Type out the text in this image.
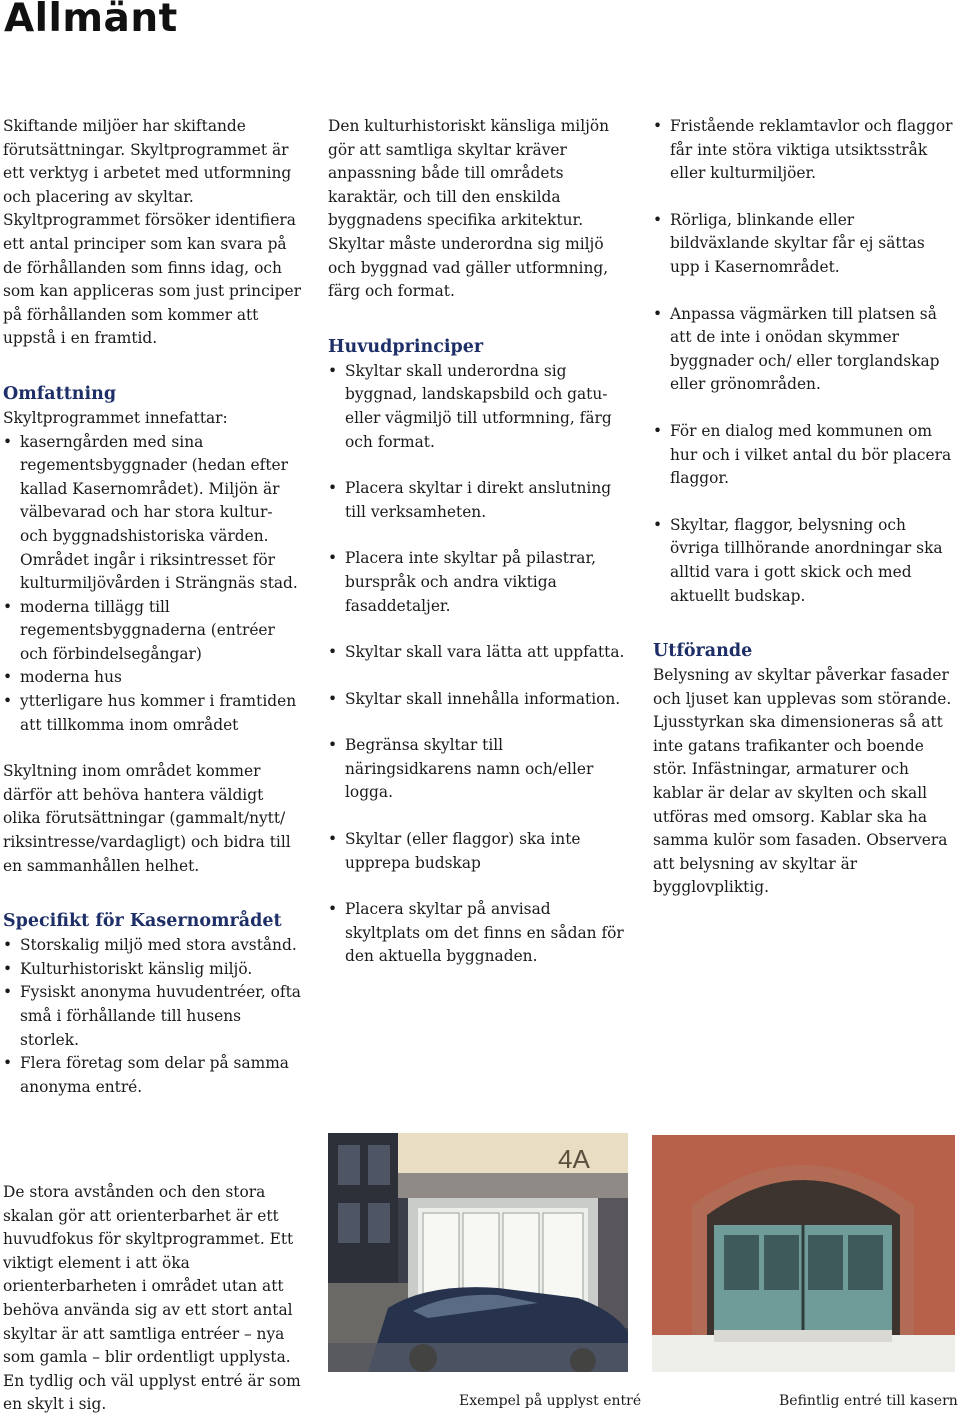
Allmänt

Skiftande miljöer har skiftande förutsättningar. Skyltprogrammet är ett verktyg i arbetet med utformning och placering av skyltar. Skyltprogrammet försöker identifiera ett antal principer som kan svara på de förhållanden som finns idag, och som kan appliceras som just principer på förhållanden som kommer att uppstå i en framtid.

Omfattning

Skyltprogrammet innefattar:

• kaserngården med sina regementsbyggnader (hedan efter kallad Kasernområdet). Miljön är välbevarad och har stora kultur- och byggnadshistoriska värden. Området ingår i riksintresset för kulturmiljövården i Strängnäs stad.
• moderna tillägg till regementsbyggnaderna (entréer och förbindelsegångar)
• moderna hus
• ytterligare hus kommer i framtiden att tillkomma inom området

Skyltning inom området kommer därför att behöva hantera väldigt olika förutsättningar (gammalt/nytt/ riksintresse/vardagligt) och bidra till en sammanhållen helhet.

Specifikt för Kasernområdet
• Storskalig miljö med stora avstånd.
• Kulturhistoriskt känslig miljö.
• Fysiskt anonyma huvudentréer, ofta små i förhållande till husens storlek.
• Flera företag som delar på samma anonyma entré.

De stora avstånden och den stora skalan gör att orienterbarhet är ett huvudfokus för skyltprogrammet. Ett viktigt element i att öka orienterbarheten i området utan att behöva använda sig av ett stort antal skyltar är att samtliga entréer – nya som gamla – blir ordentligt upplysta. En tydlig och väl upplyst entré är som en skylt i sig.

Den kulturhistoriskt känsliga miljön gör att samtliga skyltar kräver anpassning både till områdets karaktär, och till den enskilda byggnadens specifika arkitektur. Skyltar måste underordna sig miljö och byggnad vad gäller utformning, färg och format.

Huvudprinciper
• Skyltar skall underordna sig byggnad, landskapsbild och gatu- eller vägmiljö till utformning, färg och format.
• Placera skyltar i direkt anslutning till verksamheten.
• Placera inte skyltar på pilastrar, burspråk och andra viktiga fasaddetaljer.
• Skyltar skall vara lätta att uppfatta.
• Skyltar skall innehålla information.
• Begränsa skyltar till näringsidkarens namn och/eller logga.
• Skyltar (eller flaggor) ska inte upprepa budskap
• Placera skyltar på anvisad skyltplats om det finns en sådan för den aktuella byggnaden.
• Fristående reklamtavlor och flaggor får inte störa viktiga utsiktsstråk eller kulturmiljöer.
• Rörliga, blinkande eller bildväxlande skyltar får ej sättas upp i Kasernområdet.
• Anpassa vägmärken till platsen så att de inte i onödan skymmer byggnader och/ eller torglandskap eller grönområden.
• För en dialog med kommunen om hur och i vilket antal du bör placera flaggor.
• Skyltar, flaggor, belysning och övriga tillhörande anordningar ska alltid vara i gott skick och med aktuellt budskap.
Utförande

Belysning av skyltar påverkar fasader och ljuset kan upplevas som störande. Ljusstyrkan ska dimensioneras så att inte gatans trafikanter och boende stör. Infästningar, armaturer och kablar är delar av skylten och skall utföras med omsorg. Kablar ska ha samma kulör som fasaden. Observera att belysning av skyltar är bygglovpliktig.

4A
Exempel på upplyst entré	Befintlig entré till kasern
